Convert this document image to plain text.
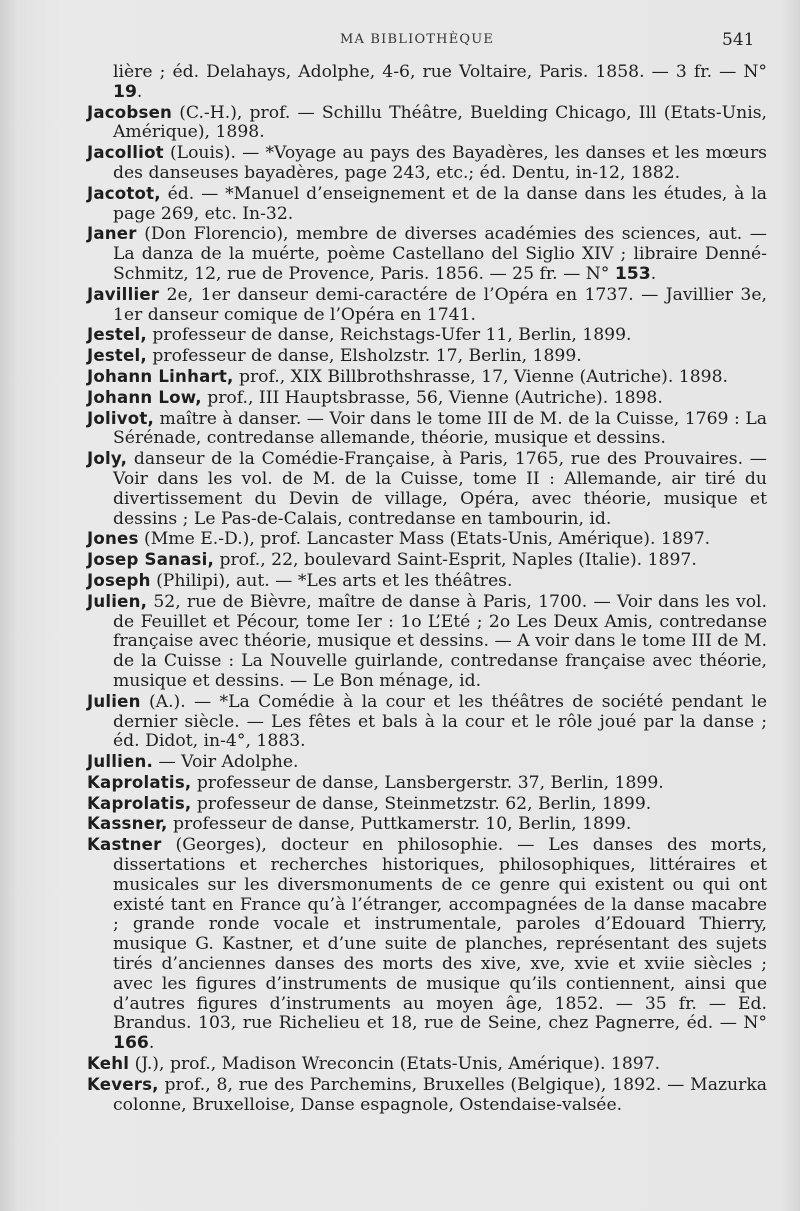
MA BIBLIOTHÈQUE	541
lière ; éd. Delahays, Adolphe, 4-6, rue Voltaire, Paris. 1858. — 3 fr. — N° 19.
Jacobsen (C.-H.), prof. — Schillu Théâtre, Buelding Chicago, Ill (Etats-Unis, Amérique), 1898.
Jacolliot (Louis). — *Voyage au pays des Bayadères, les danses et les mœurs des danseuses bayadères, page 243, etc.; éd. Dentu, in-12, 1882.
Jacotot, éd. — *Manuel d’enseignement et de la danse dans les études, à la page 269, etc. In-32.
Janer (Don Florencio), membre de diverses académies des sciences, aut. — La danza de la muérte, poème Castellano del Siglio XIV ; libraire Denné-Schmitz, 12, rue de Provence, Paris. 1856. — 25 fr. — N° 153.
Javillier 2e, 1er danseur demi-caractére de l’Opéra en 1737. — Javillier 3e, 1er danseur comique de l’Opéra en 1741.
Jestel, professeur de danse, Reichstags-Ufer 11, Berlin, 1899.
Jestel, professeur de danse, Elsholzstr. 17, Berlin, 1899.
Johann Linhart, prof., XIX Billbrothshrasse, 17, Vienne (Autriche). 1898.
Johann Low, prof., III Hauptsbrasse, 56, Vienne (Autriche). 1898.
Jolivot, maître à danser. — Voir dans le tome III de M. de la Cuisse, 1769 : La Sérénade, contredanse allemande, théorie, musique et dessins.
Joly, danseur de la Comédie-Française, à Paris, 1765, rue des Prouvaires. — Voir dans les vol. de M. de la Cuisse, tome II : Allemande, air tiré du divertissement du Devin de village, Opéra, avec théorie, musique et dessins ; Le Pas-de-Calais, contredanse en tambourin, id.
Jones (Mme E.-D.), prof. Lancaster Mass (Etats-Unis, Amérique). 1897.
Josep Sanasi, prof., 22, boulevard Saint-Esprit, Naples (Italie). 1897.
Joseph (Philipi), aut. — *Les arts et les théâtres.
Julien, 52, rue de Bièvre, maître de danse à Paris, 1700. — Voir dans les vol. de Feuillet et Pécour, tome Ier : 1o L’Eté ; 2o Les Deux Amis, contredanse française avec théorie, musique et dessins. — A voir dans le tome III de M. de la Cuisse : La Nouvelle guirlande, contredanse française avec théorie, musique et dessins. — Le Bon ménage, id.
Julien (A.). — *La Comédie à la cour et les théâtres de société pendant le dernier siècle. — Les fêtes et bals à la cour et le rôle joué par la danse ; éd. Didot, in-4°, 1883.
Jullien. — Voir Adolphe.
Kaprolatis, professeur de danse, Lansbergerstr. 37, Berlin, 1899.
Kaprolatis, professeur de danse, Steinmetzstr. 62, Berlin, 1899.
Kassner, professeur de danse, Puttkamerstr. 10, Berlin, 1899.
Kastner (Georges), docteur en philosophie. — Les danses des morts, dissertations et recherches historiques, philosophiques, littéraires et musicales sur les diversmonuments de ce genre qui existent ou qui ont existé tant en France qu’à l’étranger, accompagnées de la danse macabre ; grande ronde vocale et instrumentale, paroles d’Edouard Thierry, musique G. Kastner, et d’une suite de planches, représentant des sujets tirés d’anciennes danses des morts des xive, xve, xvie et xviie siècles ; avec les figures d’instruments de musique qu’ils contiennent, ainsi que d’autres figures d’instruments au moyen âge, 1852. — 35 fr. — Ed. Brandus. 103, rue Richelieu et 18, rue de Seine, chez Pagnerre, éd. — N° 166.
Kehl (J.), prof., Madison Wreconcin (Etats-Unis, Amérique). 1897.
Kevers, prof., 8, rue des Parchemins, Bruxelles (Belgique), 1892. — Mazurka colonne, Bruxelloise, Danse espagnole, Ostendaise-valsée.
